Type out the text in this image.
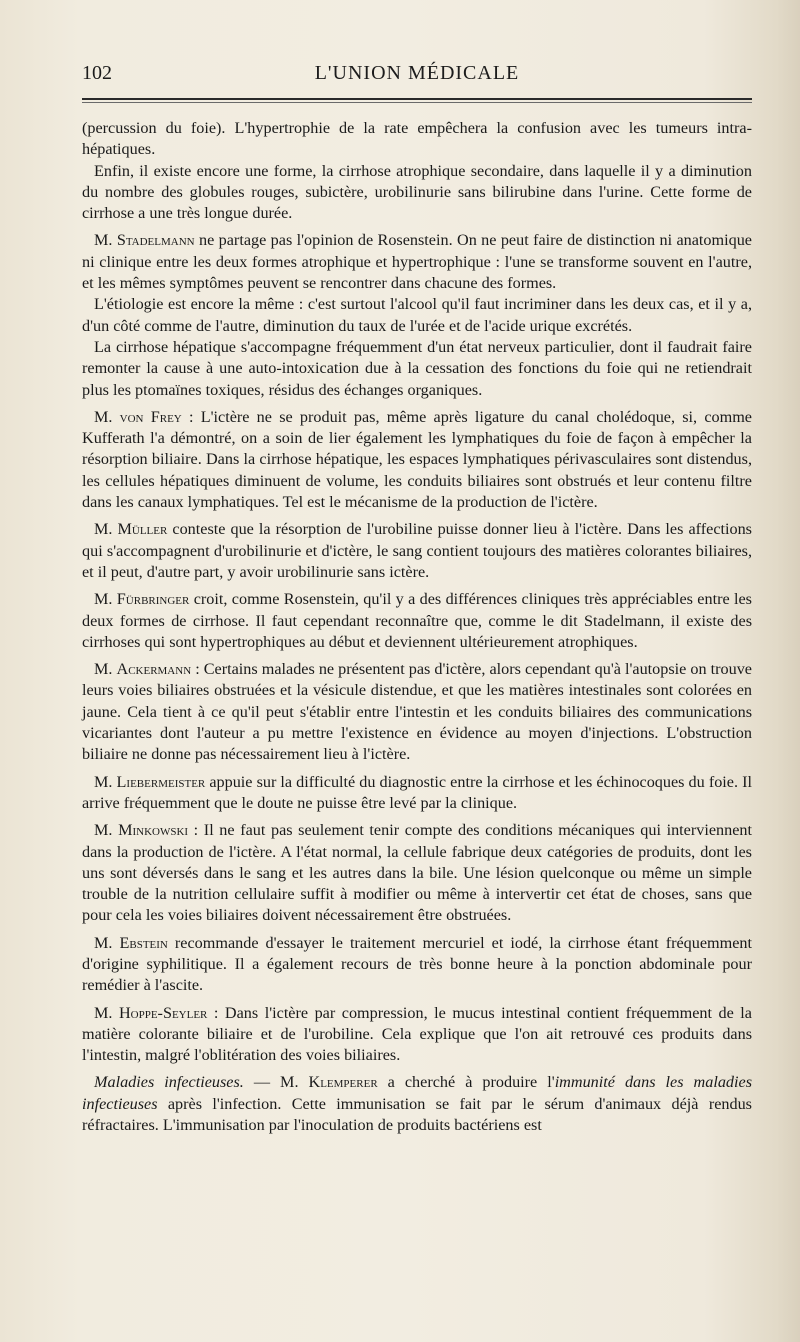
L'UNION MÉDICALE
102

(percussion du foie). L'hypertrophie de la rate empêchera la confusion avec les tumeurs intra-hépatiques.

Enfin, il existe encore une forme, la cirrhose atrophique secondaire, dans laquelle il y a diminution du nombre des globules rouges, subictère, urobilinurie sans bilirubine dans l'urine. Cette forme de cirrhose a une très longue durée.

M. Stadelmann ne partage pas l'opinion de Rosenstein. On ne peut faire de distinction ni anatomique ni clinique entre les deux formes atrophique et hypertrophique : l'une se transforme souvent en l'autre, et les mêmes symptômes peuvent se rencontrer dans chacune des formes.

L'étiologie est encore la même : c'est surtout l'alcool qu'il faut incriminer dans les deux cas, et il y a, d'un côté comme de l'autre, diminution du taux de l'urée et de l'acide urique excrétés.

La cirrhose hépatique s'accompagne fréquemment d'un état nerveux particulier, dont il faudrait faire remonter la cause à une auto-intoxication due à la cessation des fonctions du foie qui ne retiendrait plus les ptomaïnes toxiques, résidus des échanges organiques.

M. von Frey : L'ictère ne se produit pas, même après ligature du canal cholédoque, si, comme Kufferath l'a démontré, on a soin de lier également les lymphatiques du foie de façon à empêcher la résorption biliaire. Dans la cirrhose hépatique, les espaces lymphatiques périvasculaires sont distendus, les cellules hépatiques diminuent de volume, les conduits biliaires sont obstrués et leur contenu filtre dans les canaux lymphatiques. Tel est le mécanisme de la production de l'ictère.

M. Müller conteste que la résorption de l'urobiline puisse donner lieu à l'ictère. Dans les affections qui s'accompagnent d'urobilinurie et d'ictère, le sang contient toujours des matières colorantes biliaires, et il peut, d'autre part, y avoir urobilinurie sans ictère.

M. Fürbringer croit, comme Rosenstein, qu'il y a des différences cliniques très appréciables entre les deux formes de cirrhose. Il faut cependant reconnaître que, comme le dit Stadelmann, il existe des cirrhoses qui sont hypertrophiques au début et deviennent ultérieurement atrophiques.

M. Ackermann : Certains malades ne présentent pas d'ictère, alors cependant qu'à l'autopsie on trouve leurs voies biliaires obstruées et la vésicule distendue, et que les matières intestinales sont colorées en jaune. Cela tient à ce qu'il peut s'établir entre l'intestin et les conduits biliaires des communications vicariantes dont l'auteur a pu mettre l'existence en évidence au moyen d'injections. L'obstruction biliaire ne donne pas nécessairement lieu à l'ictère.

M. Liebermeister appuie sur la difficulté du diagnostic entre la cirrhose et les échinocoques du foie. Il arrive fréquemment que le doute ne puisse être levé par la clinique.

M. Minkowski : Il ne faut pas seulement tenir compte des conditions mécaniques qui interviennent dans la production de l'ictère. A l'état normal, la cellule fabrique deux catégories de produits, dont les uns sont déversés dans le sang et les autres dans la bile. Une lésion quelconque ou même un simple trouble de la nutrition cellulaire suffit à modifier ou même à intervertir cet état de choses, sans que pour cela les voies biliaires doivent nécessairement être obstruées.

M. Ebstein recommande d'essayer le traitement mercuriel et iodé, la cirrhose étant fréquemment d'origine syphilitique. Il a également recours de très bonne heure à la ponction abdominale pour remédier à l'ascite.

M. Hoppe-Seyler : Dans l'ictère par compression, le mucus intestinal contient fréquemment de la matière colorante biliaire et de l'urobiline. Cela explique que l'on ait retrouvé ces produits dans l'intestin, malgré l'oblitération des voies biliaires.

Maladies infectieuses. — M. Klemperer a cherché à produire l'immunité dans les maladies infectieuses après l'infection. Cette immunisation se fait par le sérum d'animaux déjà rendus réfractaires. L'immunisation par l'inoculation de produits bactériens est
